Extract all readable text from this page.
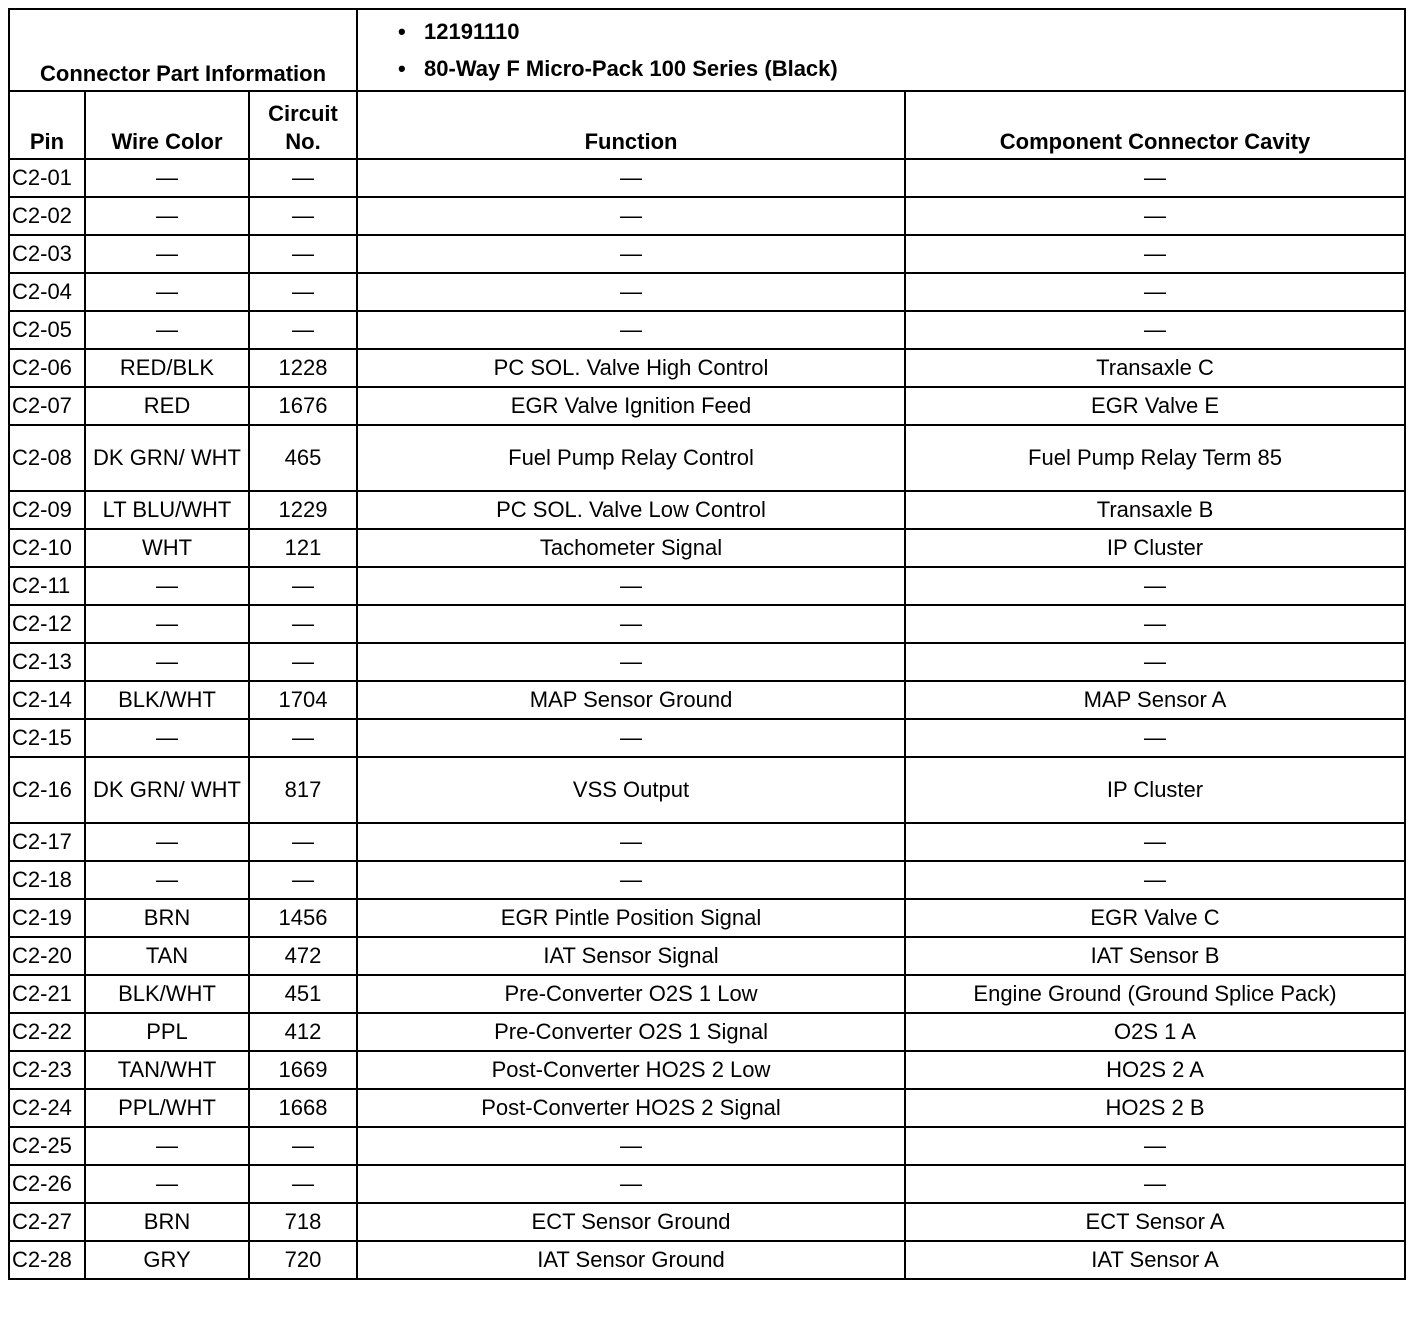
Connector Part Information			• 12191110
• 80-Way F Micro-Pack 100 Series (Black)	

Pin	Wire Color	Circuit
No.	Function	Component Connector Cavity
C2-01	—	—	—	—
C2-02	—	—	—	—
C2-03	—	—	—	—
C2-04	—	—	—	—
C2-05	—	—	—	—
C2-06	RED/BLK	1228	PC SOL. Valve High Control	Transaxle C
C2-07	RED	1676	EGR Valve Ignition Feed	EGR Valve E
C2-08	DK GRN/ WHT	465	Fuel Pump Relay Control	Fuel Pump Relay Term 85
C2-09	LT BLU/WHT	1229	PC SOL. Valve Low Control	Transaxle B
C2-10	WHT	121	Tachometer Signal	IP Cluster
C2-11	—	—	—	—
C2-12	—	—	—	—
C2-13	—	—	—	—
C2-14	BLK/WHT	1704	MAP Sensor Ground	MAP Sensor A
C2-15	—	—	—	—
C2-16	DK GRN/ WHT	817	VSS Output	IP Cluster
C2-17	—	—	—	—
C2-18	—	—	—	—
C2-19	BRN	1456	EGR Pintle Position Signal	EGR Valve C
C2-20	TAN	472	IAT Sensor Signal	IAT Sensor B
C2-21	BLK/WHT	451	Pre-Converter O2S 1 Low	Engine Ground (Ground Splice Pack)
C2-22	PPL	412	Pre-Converter O2S 1 Signal	O2S 1 A
C2-23	TAN/WHT	1669	Post-Converter HO2S 2 Low	HO2S 2 A
C2-24	PPL/WHT	1668	Post-Converter HO2S 2 Signal	HO2S 2 B
C2-25	—	—	—	—
C2-26	—	—	—	—
C2-27	BRN	718	ECT Sensor Ground	ECT Sensor A
C2-28	GRY	720	IAT Sensor Ground	IAT Sensor A
